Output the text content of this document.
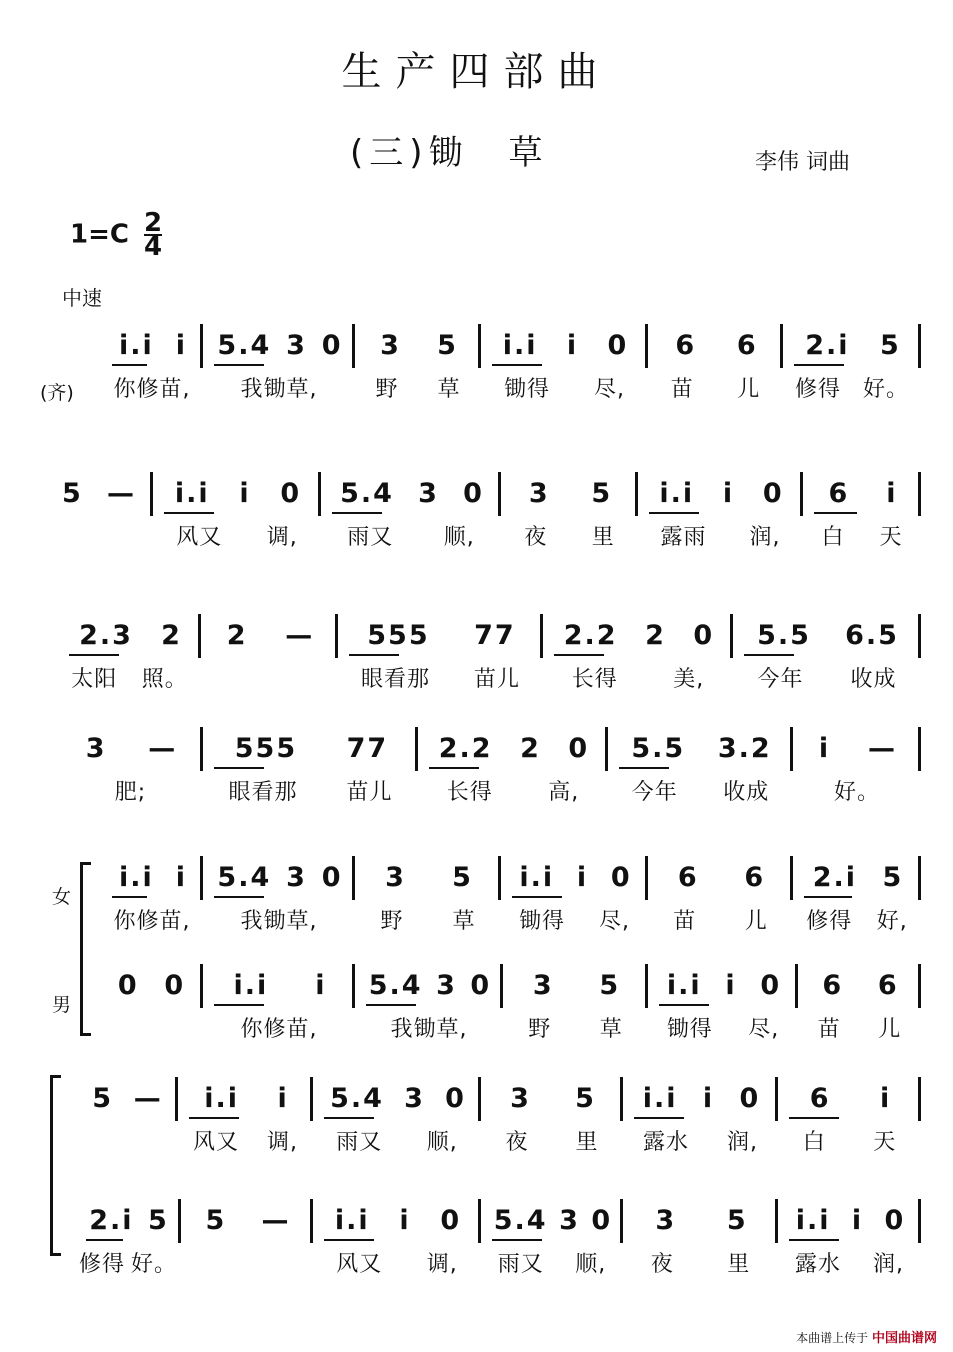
生产四部曲
(三)锄　草	李伟 词曲
$1=C \frac{2}{4}$
中速
i.i i
你修苗,
5.4 3 0
我锄草,
3 5
野 草
i.i i 0
锄得 尽,
6 6
苗 儿
2.i 5
修得 好。
(齐)
5 — i.i i 0
风又 调,
5.4 3 0
雨又 顺,
3 5
夜 里
i.i i 0
露雨 润,
6 i
白 天
2.3 2
太阳 照。
2 — 555 77
眼看那 苗儿
2.2 2 0
长得	美,
5.5 6.5
今年 收成
3 —
肥;
555 77
眼看那 苗儿
2.2 2 0
长得	高,
5.5 3.2
今年 收成
i —
好。
i.i i
你修苗,
5.4 3 0
我锄草,
3 5
野 草
i.i i 0
锄得 尽,
6 6
苗 儿
2.i 5
修得 好,
女
0 0 i.i i
你修苗,
5.4 3 0
我锄草,
3 5
野 草
i.i i 0
锄得 尽,
6 6
苗 儿
男
5 — i.i i
风又 调,
5.4 3 0
雨又 顺,
3 5
夜 里
i.i i 0
露水 润,
6 i
白 天
2.i 5
修得 好。
5 — i.i i 0
风又 调,
5.4 3 0
雨又 顺,
3 5
夜 里
i.i i 0
露水 润,
本曲谱上传于 中国曲谱网
